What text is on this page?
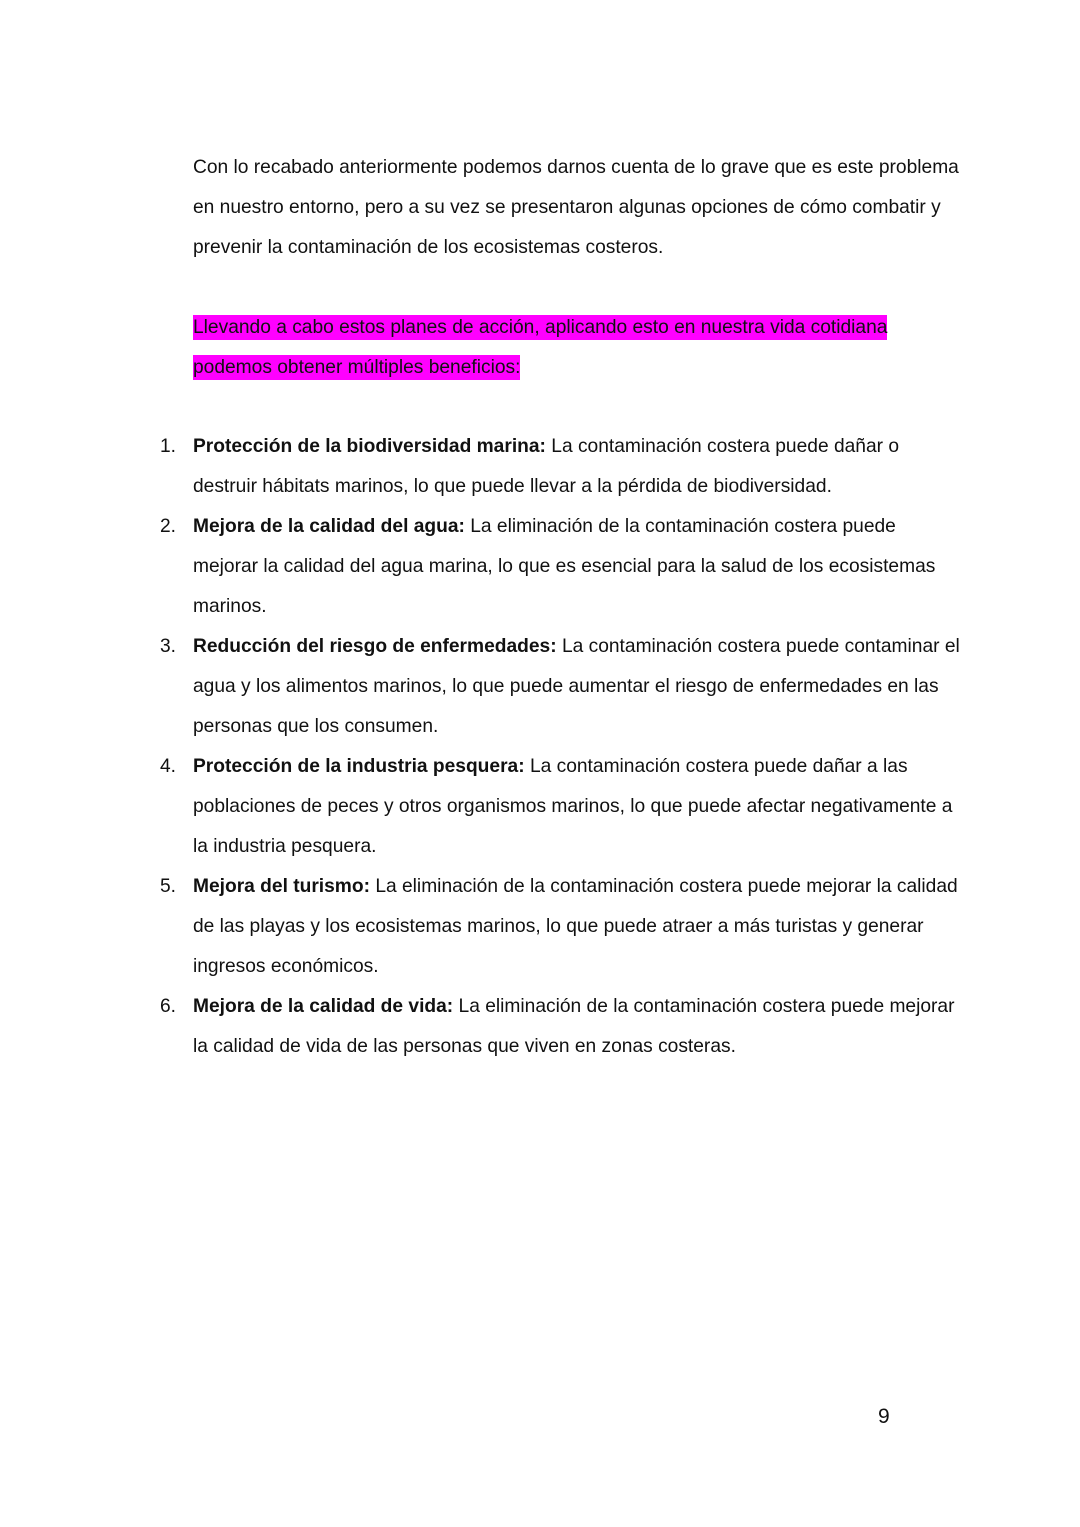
Con lo recabado anteriormente podemos darnos cuenta de lo grave que es este problema en nuestro entorno, pero a su vez se presentaron algunas opciones de cómo combatir y prevenir la contaminación de los ecosistemas costeros.

Llevando a cabo estos planes de acción, aplicando esto en nuestra vida cotidiana podemos obtener múltiples beneficios:

1. Protección de la biodiversidad marina: La contaminación costera puede dañar o destruir hábitats marinos, lo que puede llevar a la pérdida de biodiversidad.
2. Mejora de la calidad del agua: La eliminación de la contaminación costera puede mejorar la calidad del agua marina, lo que es esencial para la salud de los ecosistemas marinos.
3. Reducción del riesgo de enfermedades: La contaminación costera puede contaminar el agua y los alimentos marinos, lo que puede aumentar el riesgo de enfermedades en las personas que los consumen.
4. Protección de la industria pesquera: La contaminación costera puede dañar a las poblaciones de peces y otros organismos marinos, lo que puede afectar negativamente a la industria pesquera.
5. Mejora del turismo: La eliminación de la contaminación costera puede mejorar la calidad de las playas y los ecosistemas marinos, lo que puede atraer a más turistas y generar ingresos económicos.
6. Mejora de la calidad de vida: La eliminación de la contaminación costera puede mejorar la calidad de vida de las personas que viven en zonas costeras.
9
